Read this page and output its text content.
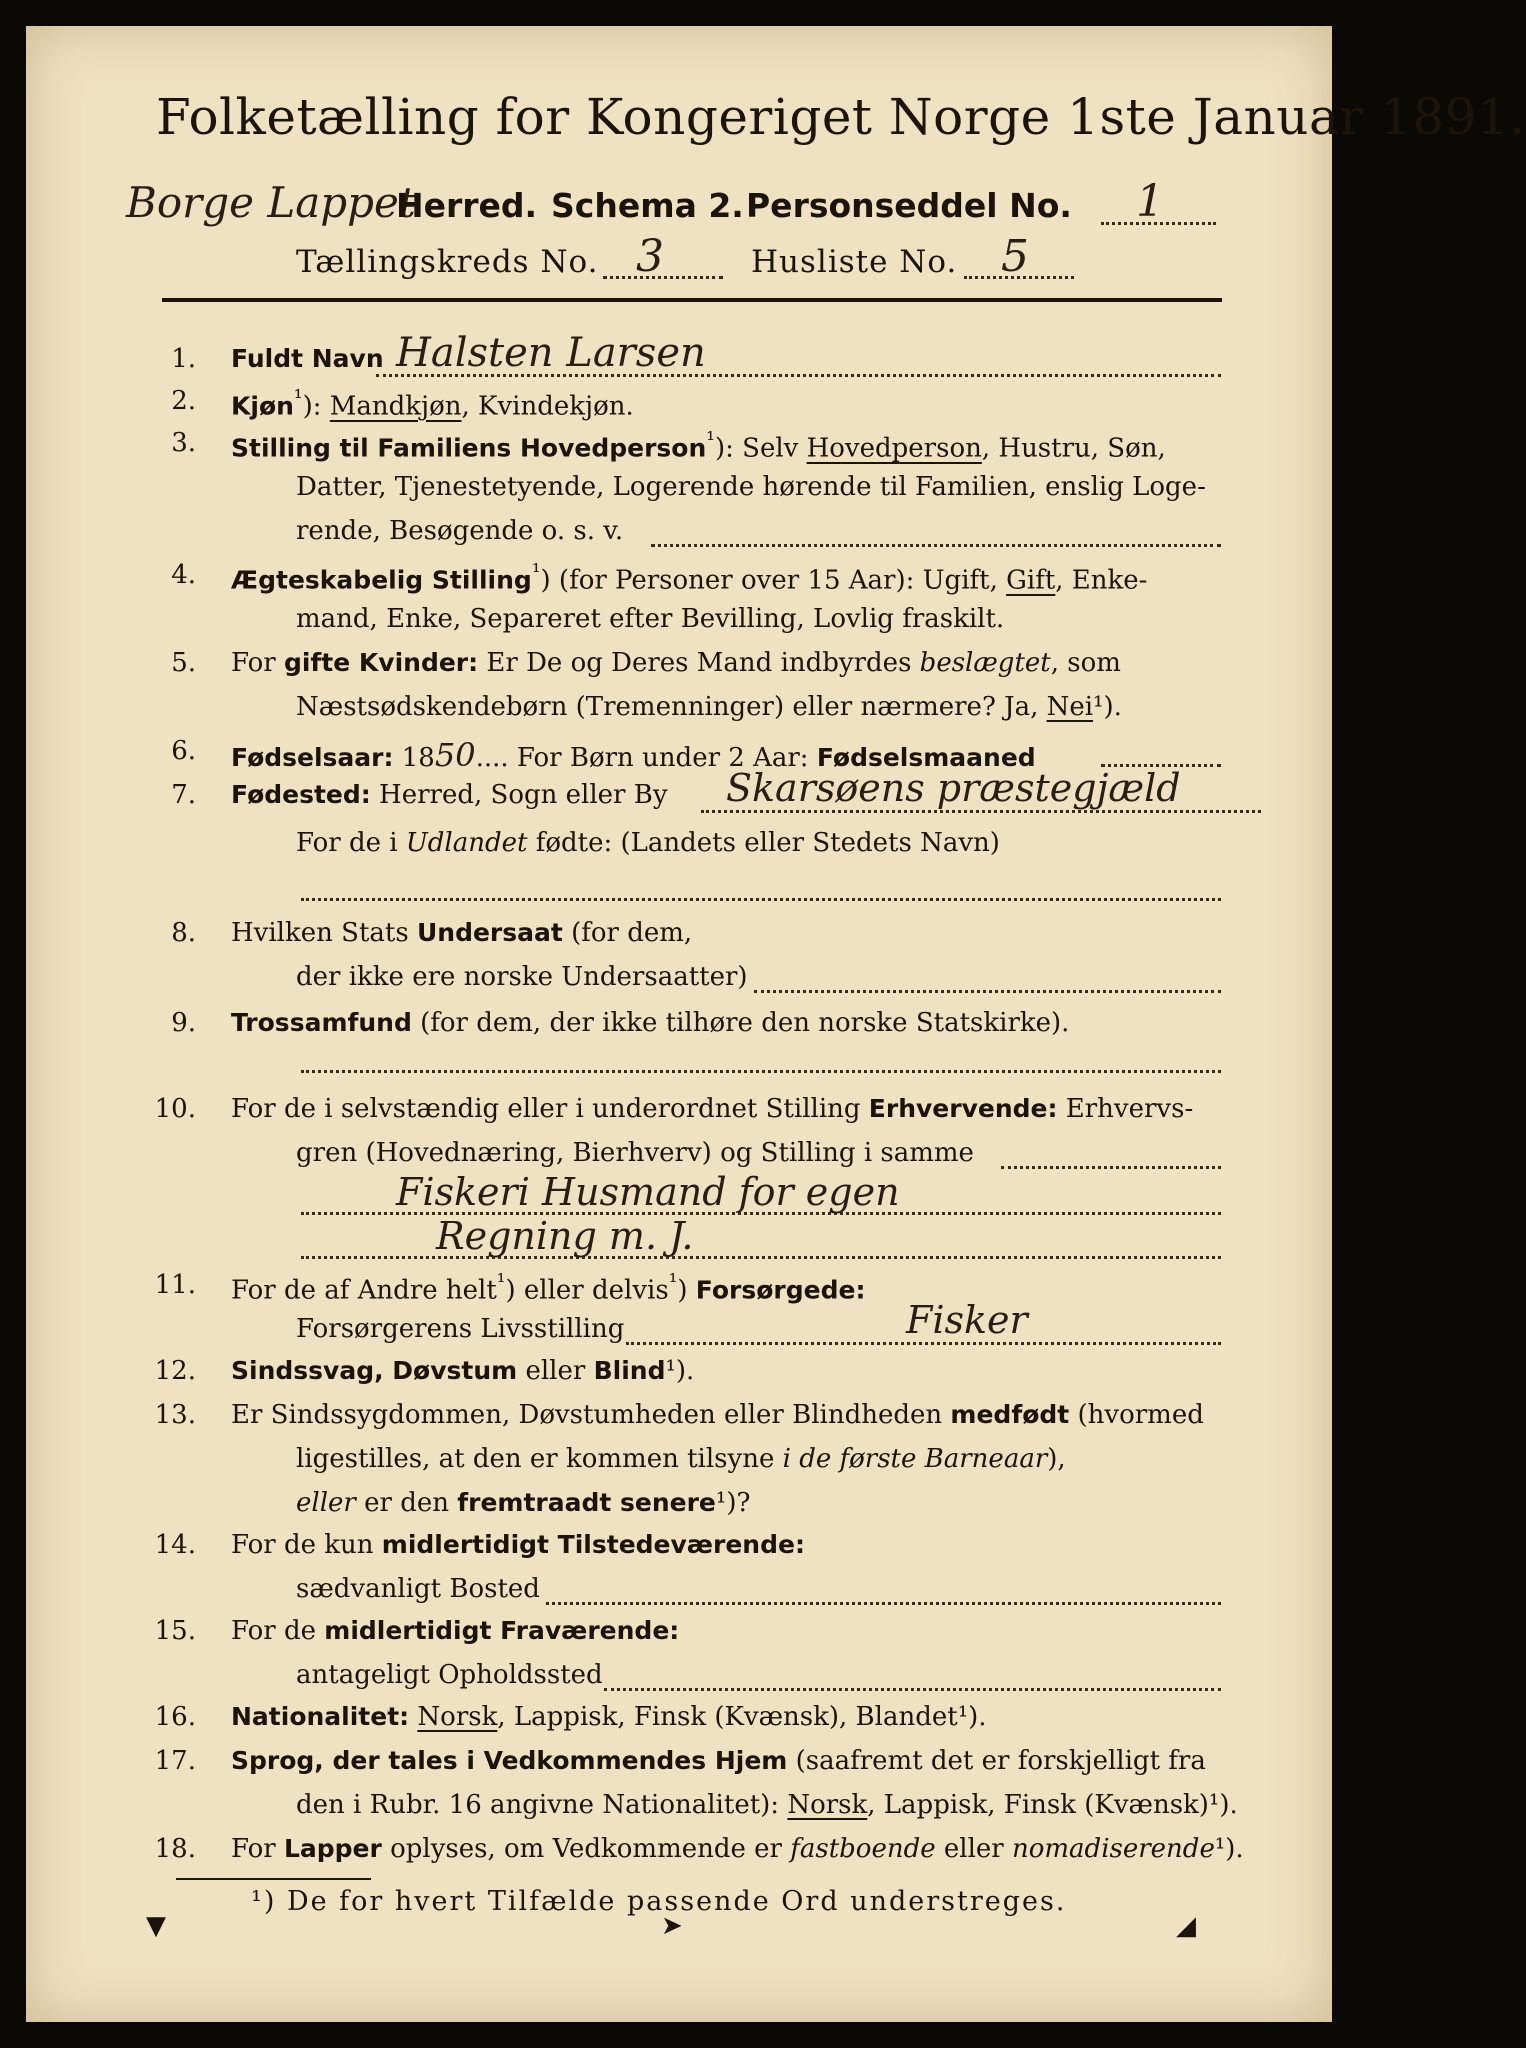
Folketælling for Kongeriget Norge 1ste Januar 1891.
Borge Lappet
Herred. Schema 2. Personseddel No. 1
Tællingskreds No. 3	Husliste No. 5
1. Fuldt Navn Halsten Larsen
2. Kjøn$^{^1}$): Mandkjøn, Kvindekjøn.
3. Stilling til Familiens Hovedperson$^{^1}$): Selv Hovedperson, Hustru, Søn,
Datter, Tjenestetyende, Logerende hørende til Familien, enslig Loge-
rende, Besøgende o. s. v.
4. Ægteskabelig Stilling$^{^1}$) (for Personer over 15 Aar): Ugift, Gift, Enke-
mand, Enke, Separeret efter Bevilling, Lovlig fraskilt.
5. For gifte Kvinder: Er De og Deres Mand indbyrdes beslægtet, som
Næstsødskendebørn (Tremenninger) eller nærmere? Ja, Nei¹).
6. Fødselsaar: 1850.... For Børn under 2 Aar: Fødselsmaaned
7. Fødested: Herred, Sogn eller By Skarsøens præstegjæld
For de i Udlandet fødte: (Landets eller Stedets Navn)
8. Hvilken Stats Undersaat (for dem,
der ikke ere norske Undersaatter)
9. Trossamfund (for dem, der ikke tilhøre den norske Statskirke).
10. For de i selvstændig eller i underordnet Stilling Erhvervende: Erhvervs-
gren (Hovednæring, Bierhverv) og Stilling i samme
Fiskeri Husmand for egen
Regning m. J.
11. For de af Andre helt$^{^1}$) eller delvis$^{^1}$) Forsørgede:
Forsørgerens Livsstilling	Fisker
12. Sindssvag, Døvstum eller Blind¹).
13. Er Sindssygdommen, Døvstumheden eller Blindheden medfødt (hvormed
ligestilles, at den er kommen tilsyne i de første Barneaar),
eller er den fremtraadt senere¹)?
14. For de kun midlertidigt Tilstedeværende:
sædvanligt Bosted
15. For de midlertidigt Fraværende:
antageligt Opholdssted
16. Nationalitet: Norsk, Lappisk, Finsk (Kvænsk), Blandet¹).
17. Sprog, der tales i Vedkommendes Hjem (saafremt det er forskjelligt fra
den i Rubr. 16 angivne Nationalitet): Norsk, Lappisk, Finsk (Kvænsk)¹).
18. For Lapper oplyses, om Vedkommende er fastboende eller nomadiserende¹).
¹) De for hvert Tilfælde passende Ord understreges.
▼	➤	◢
